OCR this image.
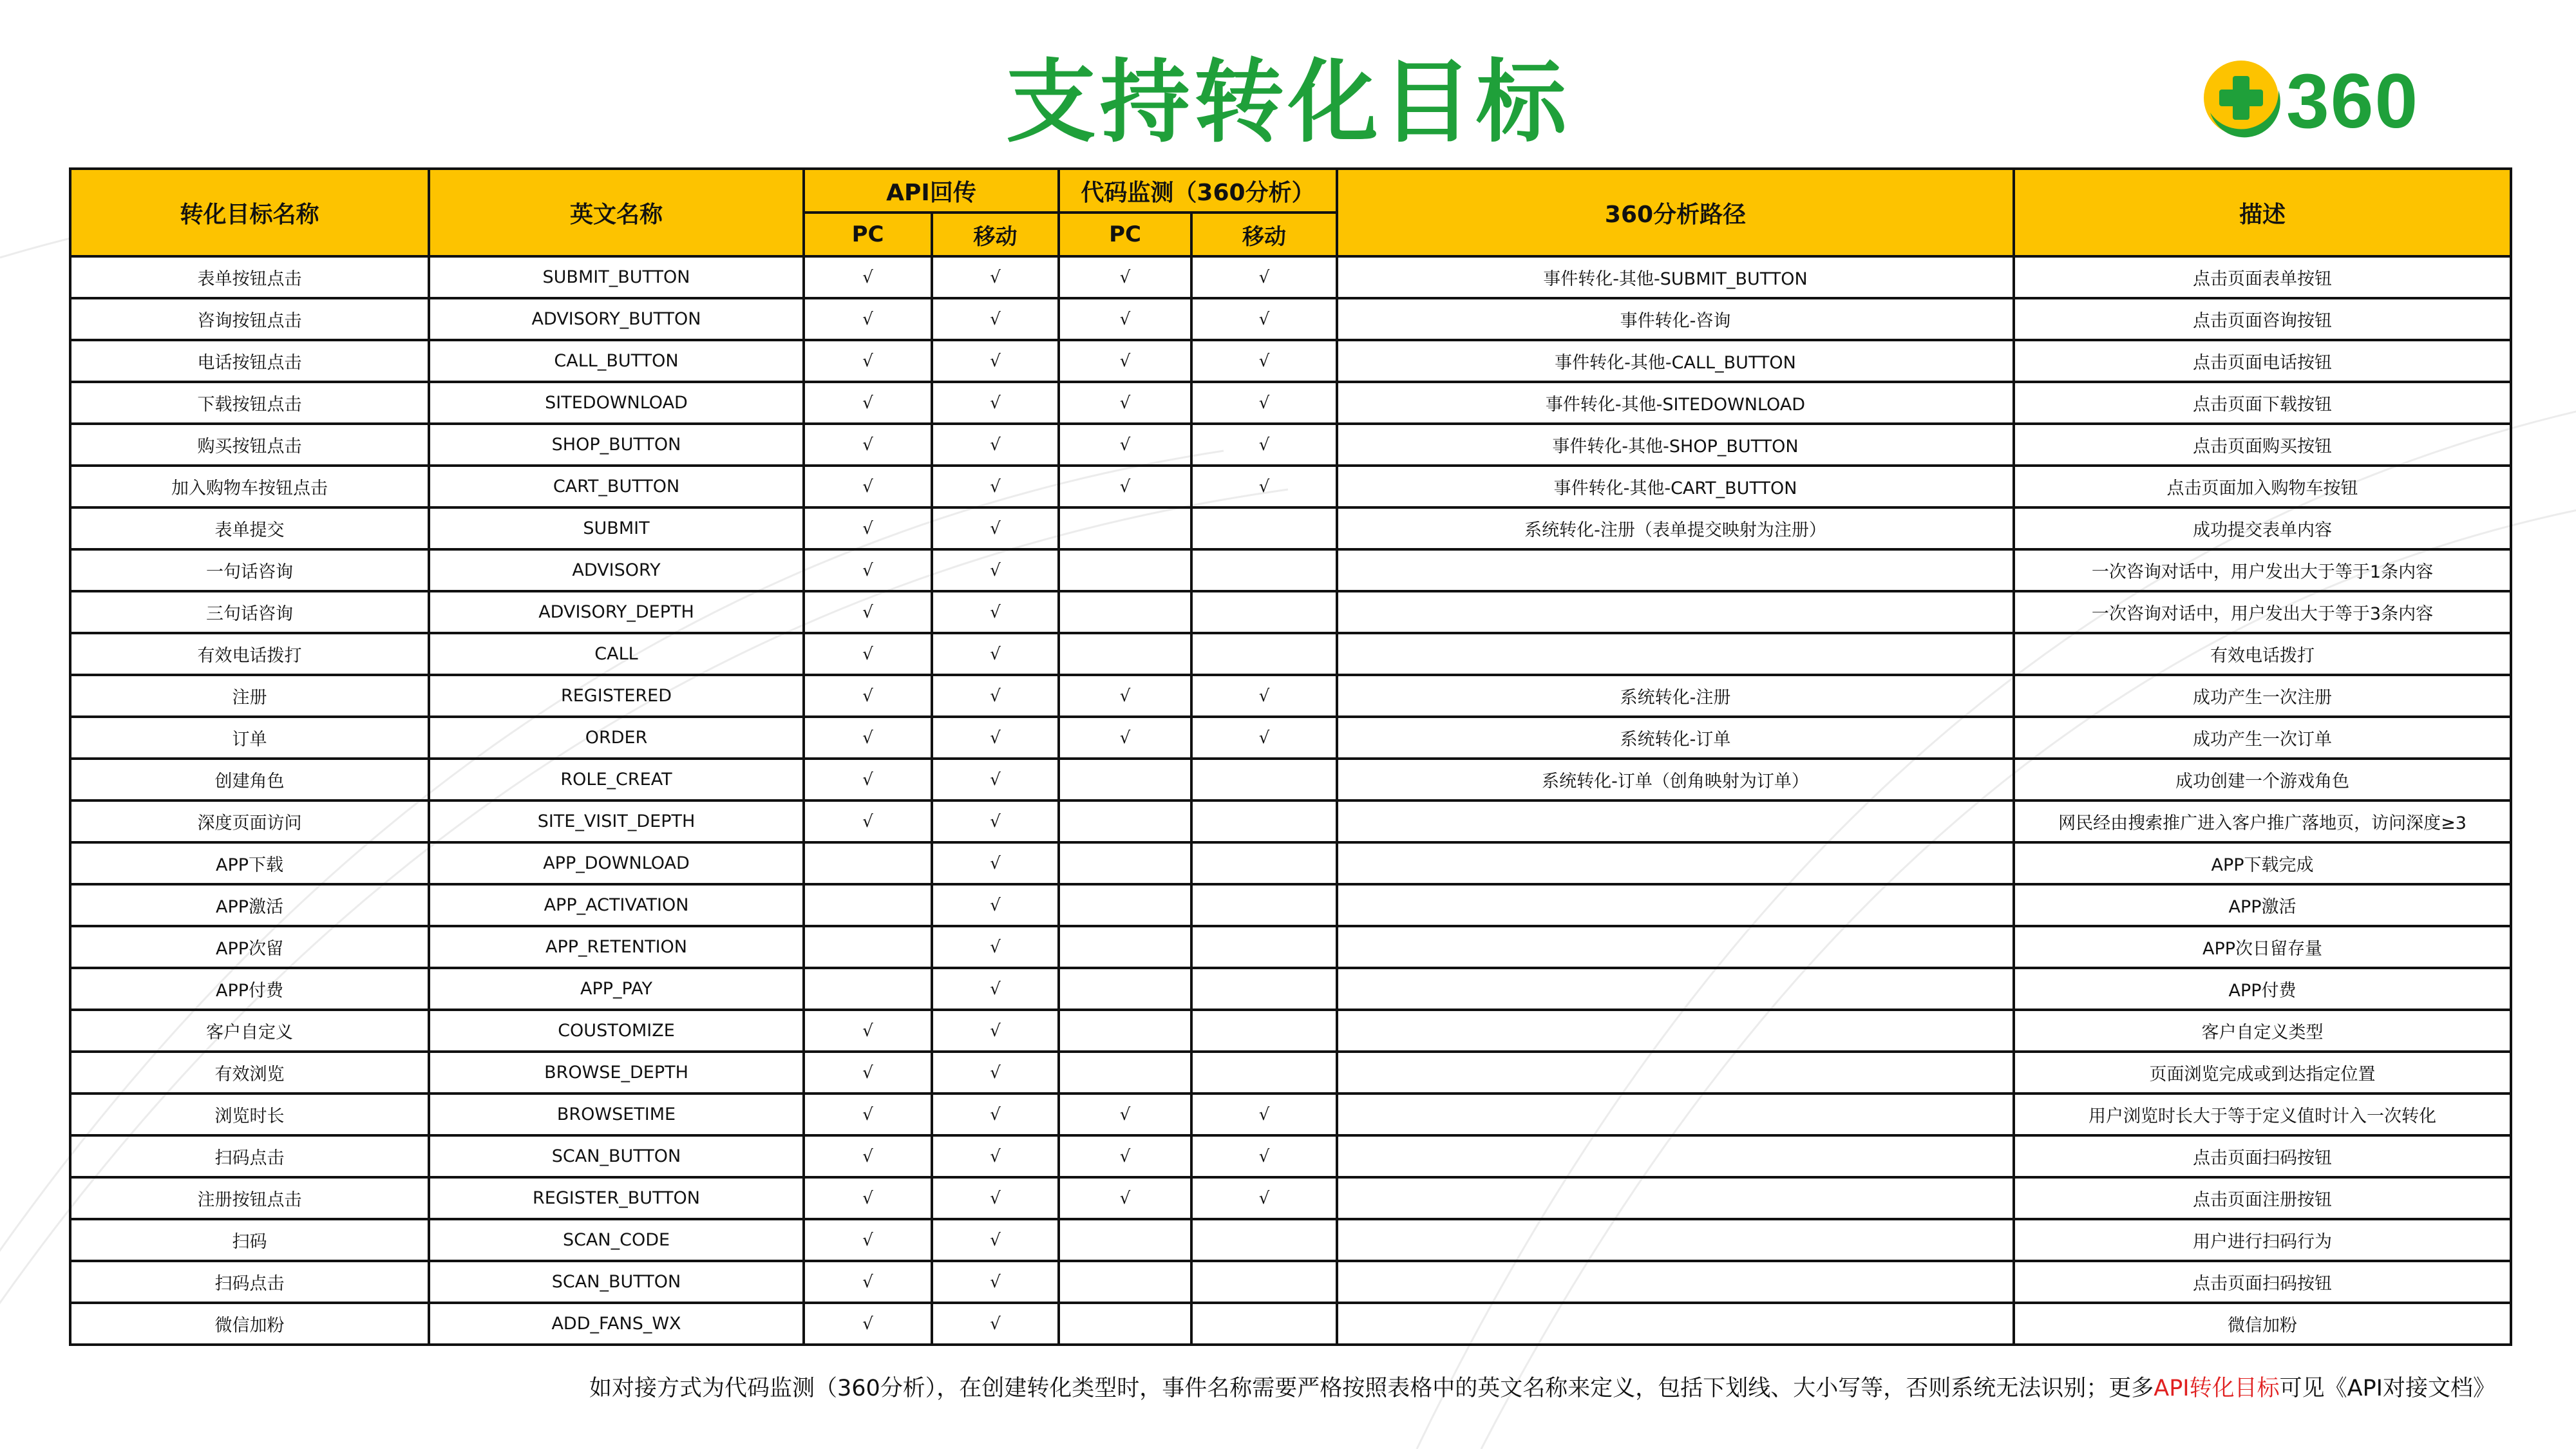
支持转化目标	360
转化目标名称	英文名称	API回传		代码监测（360分析）		360分析路径	描述
		PC	移动	PC	移动		
表单按钮点击	SUBMIT_BUTTON	√	√	√	√	事件转化-其他-SUBMIT_BUTTON	点击页面表单按钮
咨询按钮点击	ADVISORY_BUTTON	√	√	√	√	事件转化-咨询	点击页面咨询按钮
电话按钮点击	CALL_BUTTON	√	√	√	√	事件转化-其他-CALL_BUTTON	点击页面电话按钮
下载按钮点击	SITEDOWNLOAD	√	√	√	√	事件转化-其他-SITEDOWNLOAD	点击页面下载按钮
购买按钮点击	SHOP_BUTTON	√	√	√	√	事件转化-其他-SHOP_BUTTON	点击页面购买按钮
加入购物车按钮点击	CART_BUTTON	√	√	√	√	事件转化-其他-CART_BUTTON	点击页面加入购物车按钮
表单提交	SUBMIT	√	√			系统转化-注册（表单提交映射为注册）	成功提交表单内容
一句话咨询	ADVISORY	√	√				一次咨询对话中，用户发出大于等于1条内容
三句话咨询	ADVISORY_DEPTH	√	√				一次咨询对话中，用户发出大于等于3条内容
有效电话拨打	CALL	√	√				有效电话拨打
注册	REGISTERED	√	√	√	√	系统转化-注册	成功产生一次注册
订单	ORDER	√	√	√	√	系统转化-订单	成功产生一次订单
创建角色	ROLE_CREAT	√	√			系统转化-订单（创角映射为订单）	成功创建一个游戏角色
深度页面访问	SITE_VISIT_DEPTH	√	√				网民经由搜索推广进入客户推广落地页，访问深度≥3
APP下载	APP_DOWNLOAD		√				APP下载完成
APP激活	APP_ACTIVATION		√				APP激活
APP次留	APP_RETENTION		√				APP次日留存量
APP付费	APP_PAY		√				APP付费
客户自定义	COUSTOMIZE	√	√				客户自定义类型
有效浏览	BROWSE_DEPTH	√	√				页面浏览完成或到达指定位置
浏览时长	BROWSETIME	√	√	√	√		用户浏览时长大于等于定义值时计入一次转化
扫码点击	SCAN_BUTTON	√	√	√	√		点击页面扫码按钮
注册按钮点击	REGISTER_BUTTON	√	√	√	√		点击页面注册按钮
扫码	SCAN_CODE	√	√				用户进行扫码行为
扫码点击	SCAN_BUTTON	√	√				点击页面扫码按钮
微信加粉	ADD_FANS_WX	√	√				微信加粉
如对接方式为代码监测（360分析），在创建转化类型时，事件名称需要严格按照表格中的英文名称来定义，包括下划线、大小写等，否则系统无法识别；更多API转化目标可见《API对接文档》
